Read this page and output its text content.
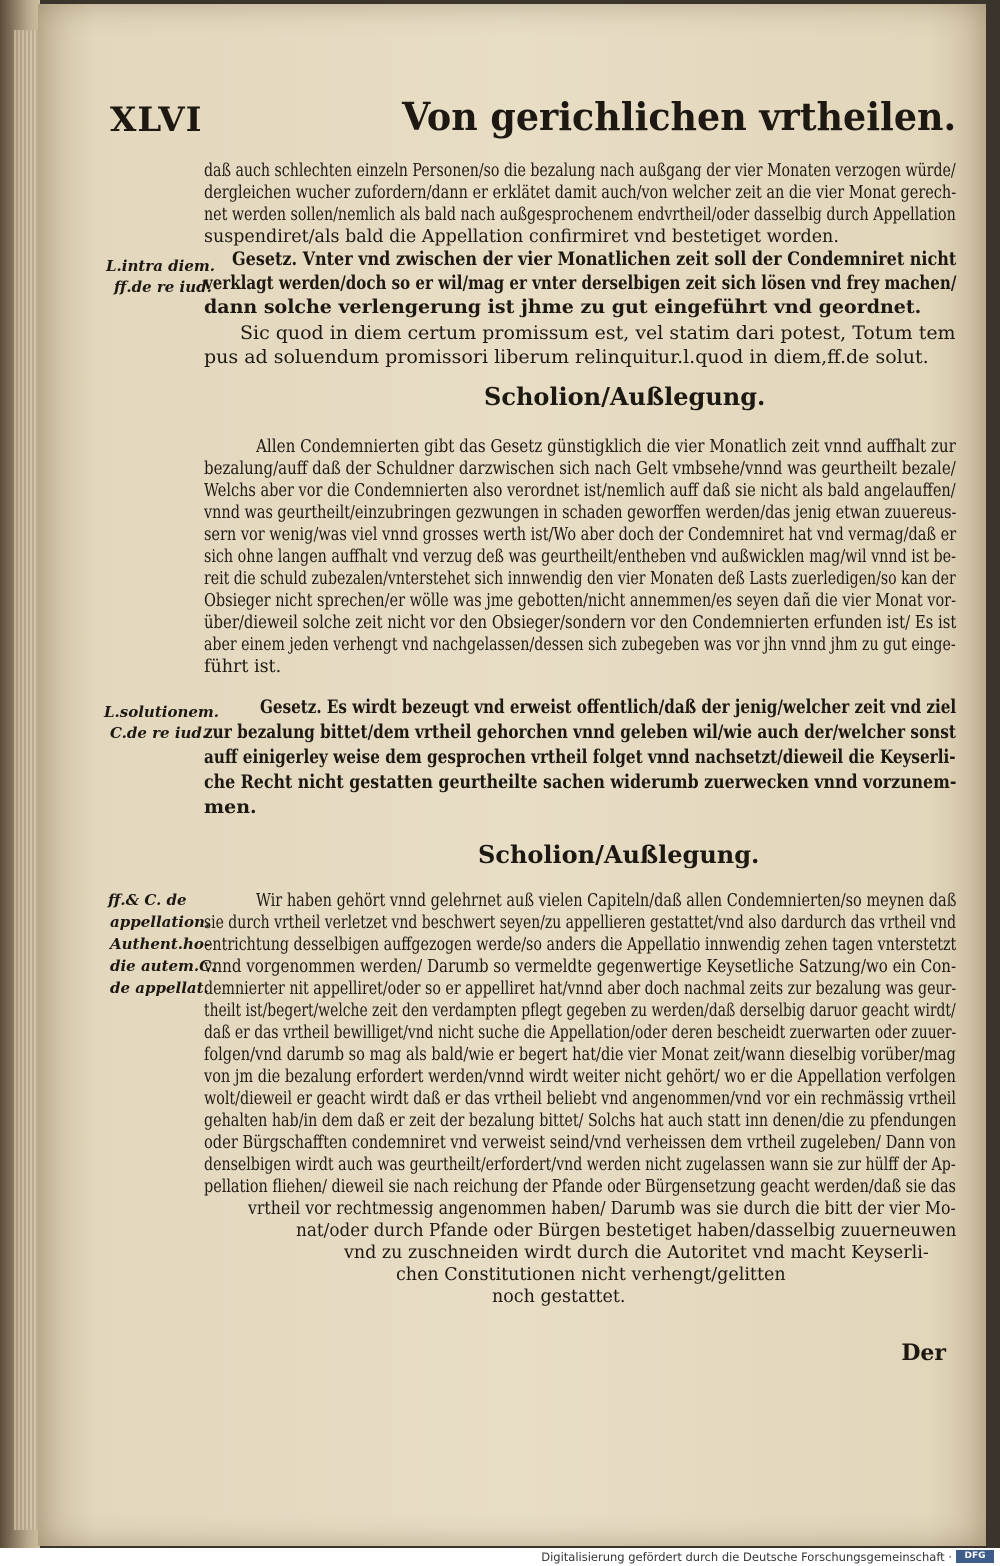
XLVI	Von gerichlichen vrtheilen.
daß auch schlechten einzeln Personen/so die bezalung nach außgang der vier Monaten verzogen würde/
dergleichen wucher zufordern/dann er erklätet damit auch/von welcher zeit an die vier Monat gerech-
net werden sollen/nemlich als bald nach außgesprochenem endvrtheil/oder dasselbig durch Appellation
suspendiret/als bald die Appellation confirmiret vnd bestetiget worden.
L.intra diem.
ff.de re iud.
Gesetz. Vnter vnd zwischen der vier Monatlichen zeit soll der Condemniret nicht
verklagt werden/doch so er wil/mag er vnter derselbigen zeit sich lösen vnd frey machen/
dann solche verlengerung ist jhme zu gut eingeführt vnd geordnet.
Sic quod in diem certum promissum est, vel statim dari potest, Totum tem
pus ad soluendum promissori liberum relinquitur.l.quod in diem,ff.de solut.
Scholion/Außlegung.
Allen Condemnierten gibt das Gesetz günstigklich die vier Monatlich zeit vnnd auffhalt zur
bezalung/auff daß der Schuldner darzwischen sich nach Gelt vmbsehe/vnnd was geurtheilt bezale/
Welchs aber vor die Condemnierten also verordnet ist/nemlich auff daß sie nicht als bald angelauffen/
vnnd was geurtheilt/einzubringen gezwungen in schaden geworffen werden/das jenig etwan zuuereus-
sern vor wenig/was viel vnnd grosses werth ist/Wo aber doch der Condemniret hat vnd vermag/daß er
sich ohne langen auffhalt vnd verzug deß was geurtheilt/entheben vnd außwicklen mag/wil vnnd ist be-
reit die schuld zubezalen/vnterstehet sich innwendig den vier Monaten deß Lasts zuerledigen/so kan der
Obsieger nicht sprechen/er wölle was jme gebotten/nicht annemmen/es seyen dañ die vier Monat vor-
über/dieweil solche zeit nicht vor den Obsieger/sondern vor den Condemnierten erfunden ist/ Es ist
aber einem jeden verhengt vnd nachgelassen/dessen sich zubegeben was vor jhn vnnd jhm zu gut einge-
führt ist.
L.solutionem.
C.de re iud.
Gesetz. Es wirdt bezeugt vnd erweist offentlich/daß der jenig/welcher zeit vnd ziel
zur bezalung bittet/dem vrtheil gehorchen vnnd geleben wil/wie auch der/welcher sonst
auff einigerley weise dem gesprochen vrtheil folget vnnd nachsetzt/dieweil die Keyserli-
che Recht nicht gestatten geurtheilte sachen widerumb zuerwecken vnnd vorzunem-
men.
Scholion/Außlegung.
ff.& C. de
appellation.
Authent.ho-
die autem.C.
de appellat.
Wir haben gehört vnnd gelehrnet auß vielen Capiteln/daß allen Condemnierten/so meynen daß
sie durch vrtheil verletzet vnd beschwert seyen/zu appellieren gestattet/vnd also dardurch das vrtheil vnd
entrichtung desselbigen auffgezogen werde/so anders die Appellatio innwendig zehen tagen vnterstetzt
vnnd vorgenommen werden/ Darumb so vermeldte gegenwertige Keysetliche Satzung/wo ein Con-
demnierter nit appelliret/oder so er appelliret hat/vnnd aber doch nachmal zeits zur bezalung was geur-
theilt ist/begert/welche zeit den verdampten pflegt gegeben zu werden/daß derselbig daruor geacht wirdt/
daß er das vrtheil bewilliget/vnd nicht suche die Appellation/oder deren bescheidt zuerwarten oder zuuer-
folgen/vnd darumb so mag als bald/wie er begert hat/die vier Monat zeit/wann dieselbig vorüber/mag
von jm die bezalung erfordert werden/vnnd wirdt weiter nicht gehört/ wo er die Appellation verfolgen
wolt/dieweil er geacht wirdt daß er das vrtheil beliebt vnd angenommen/vnd vor ein rechmässig vrtheil
gehalten hab/in dem daß er zeit der bezalung bittet/ Solchs hat auch statt inn denen/die zu pfendungen
oder Bürgschafften condemniret vnd verweist seind/vnd verheissen dem vrtheil zugeleben/ Dann von
denselbigen wirdt auch was geurtheilt/erfordert/vnd werden nicht zugelassen wann sie zur hülff der Ap-
pellation fliehen/ dieweil sie nach reichung der Pfande oder Bürgensetzung geacht werden/daß sie das
vrtheil vor rechtmessig angenommen haben/ Darumb was sie durch die bitt der vier Mo-
nat/oder durch Pfande oder Bürgen bestetiget haben/dasselbig zuuerneuwen
vnd zu zuschneiden wirdt durch die Autoritet vnd macht Keyserli-
chen Constitutionen nicht verhengt/gelitten
noch gestattet.
Der
Digitalisierung gefördert durch die Deutsche Forschungsgemeinschaft ·	DFG
